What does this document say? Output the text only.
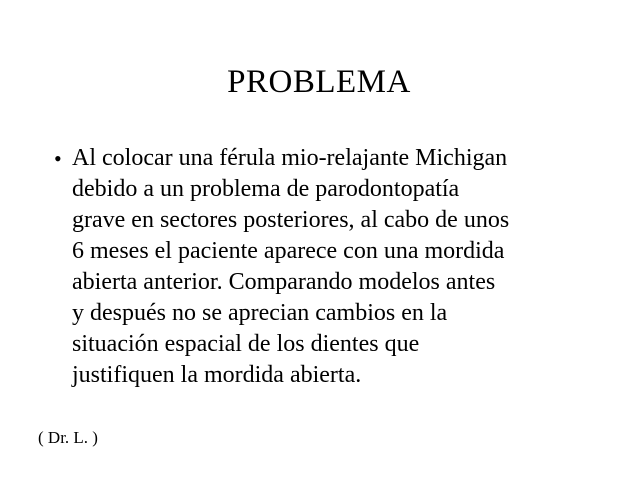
PROBLEMA
• Al colocar una férula mio-relajante Michigan
debido a un problema de parodontopatía
grave en sectores posteriores, al cabo de unos
6 meses el paciente aparece con una mordida
abierta anterior. Comparando modelos antes
y después no se aprecian cambios en la
situación espacial de los dientes que
justifiquen la mordida abierta.
( Dr. L. )
